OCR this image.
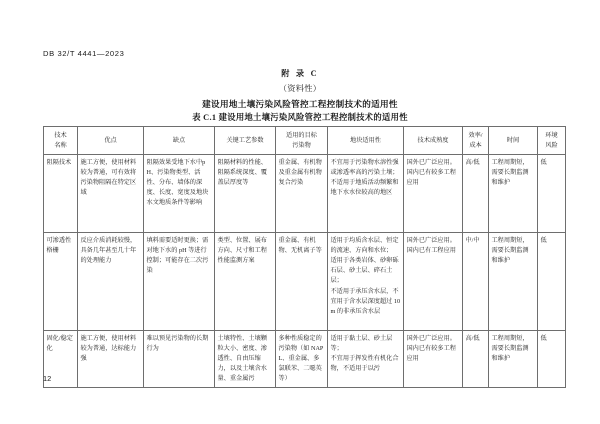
DB 32/T 4441—2023
附 录 C
（资料性）
建设用地土壤污染风险管控工程控制技术的适用性
表 C.1 建设用地土壤污染风险管控工程控制技术的适用性
技术
名称	优点	缺点	关键工艺参数	适用的目标
污染物	地块适用性	技术成熟度	效率/
成本	时间	环境
风险

阻隔技术	施工方便，使用材料较为普通，可有效将污染物阻隔在特定区域	阻隔效果受地下水中pH、污染物类型、活性、分布、墙体的深度、长度、宽度及地块水文地质条件等影响	阻隔材料的性能、阻隔系统深度、覆盖层厚度等	重金属、有机物及重金属有机物复合污染	不宜用于污染物水溶性强或渗透率高的污染土壤；
不适用于地质活动频繁和地下水水位较高的地区	国外已广泛应用。
国内已有较多工程应用	高/低	工程周期短，需要长期监测和维护	低
可渗透性格栅	反应介质消耗较慢，具备几年甚至几十年的处理能力	填料需要适时更换；需对地下水的 pH 等进行控制；可能存在二次污染	类型、位置、展布方向、尺寸和工程性能监测方案	重金属、有机物、无机离子等	适用于均质含水层、恒定的流速、方向和水位；
适用于各类岩体、砂卵砾石层、砂土层、碎石土层；
不适用于承压含水层，不宜用于含水层深度超过 10 m 的非承压含水层	国外已广泛应用。
国内已有工程应用	中/中	工程周期短，需要长期监测和维护	低
固化/稳定化	施工方便，使用材料较为普通，达标能力强	难以预见污染物的长期行为	土壤特性、土壤颗粒大小、密度、渗透性、自由压缩力，以及土壤含水量、重金属污	多种性质稳定的污染物（如 NAPL、重金属、多氯联苯、二噁英等）	适用于黏土层、砂土层等；
不宜用于挥发性有机化合物，不适用于以污	国外已广泛应用。
国内已有较多工程应用	高/低	工程周期短，需要长期监测和维护	低
12
